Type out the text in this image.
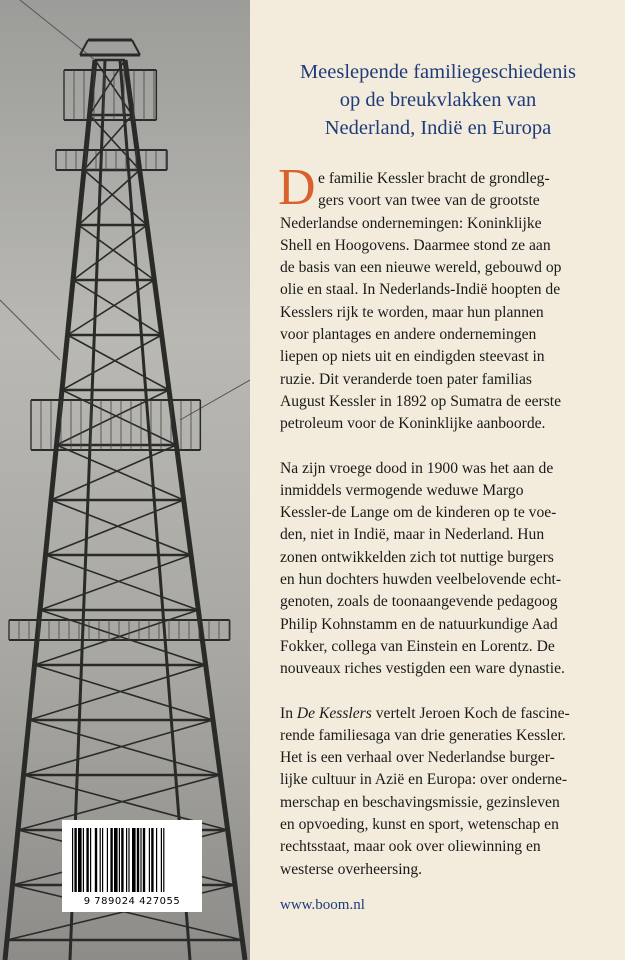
Meeslepende familiegeschiedenis
op de breukvlakken van
Nederland, Indië en Europa
D e familie Kessler bracht de grondleg-
gers voort van twee van de grootste
Nederlandse ondernemingen: Koninklijke
Shell en Hoogovens. Daarmee stond ze aan
de basis van een nieuwe wereld, gebouwd op
olie en staal. In Nederlands-Indië hoopten de
Kesslers rijk te worden, maar hun plannen
voor plantages en andere ondernemingen
liepen op niets uit en eindigden steevast in
ruzie. Dit veranderde toen pater familias
August Kessler in 1892 op Sumatra de eerste
petroleum voor de Koninklijke aanboorde.
Na zijn vroege dood in 1900 was het aan de
inmiddels vermogende weduwe Margo
Kessler-de Lange om de kinderen op te voe-
den, niet in Indië, maar in Nederland. Hun
zonen ontwikkelden zich tot nuttige burgers
en hun dochters huwden veelbelovende echt-
genoten, zoals de toonaangevende pedagoog
Philip Kohnstamm en de natuurkundige Aad
Fokker, collega van Einstein en Lorentz. De
nouveaux riches vestigden een ware dynastie.
In De Kesslers vertelt Jeroen Koch de fascine-
rende familiesaga van drie generaties Kessler.
Het is een verhaal over Nederlandse burger-
lijke cultuur in Azië en Europa: over onderne-
merschap en beschavingsmissie, gezinsleven
en opvoeding, kunst en sport, wetenschap en
rechtsstaat, maar ook over oliewinning en
westerse overheersing.
www.boom.nl
9 789024 427055
